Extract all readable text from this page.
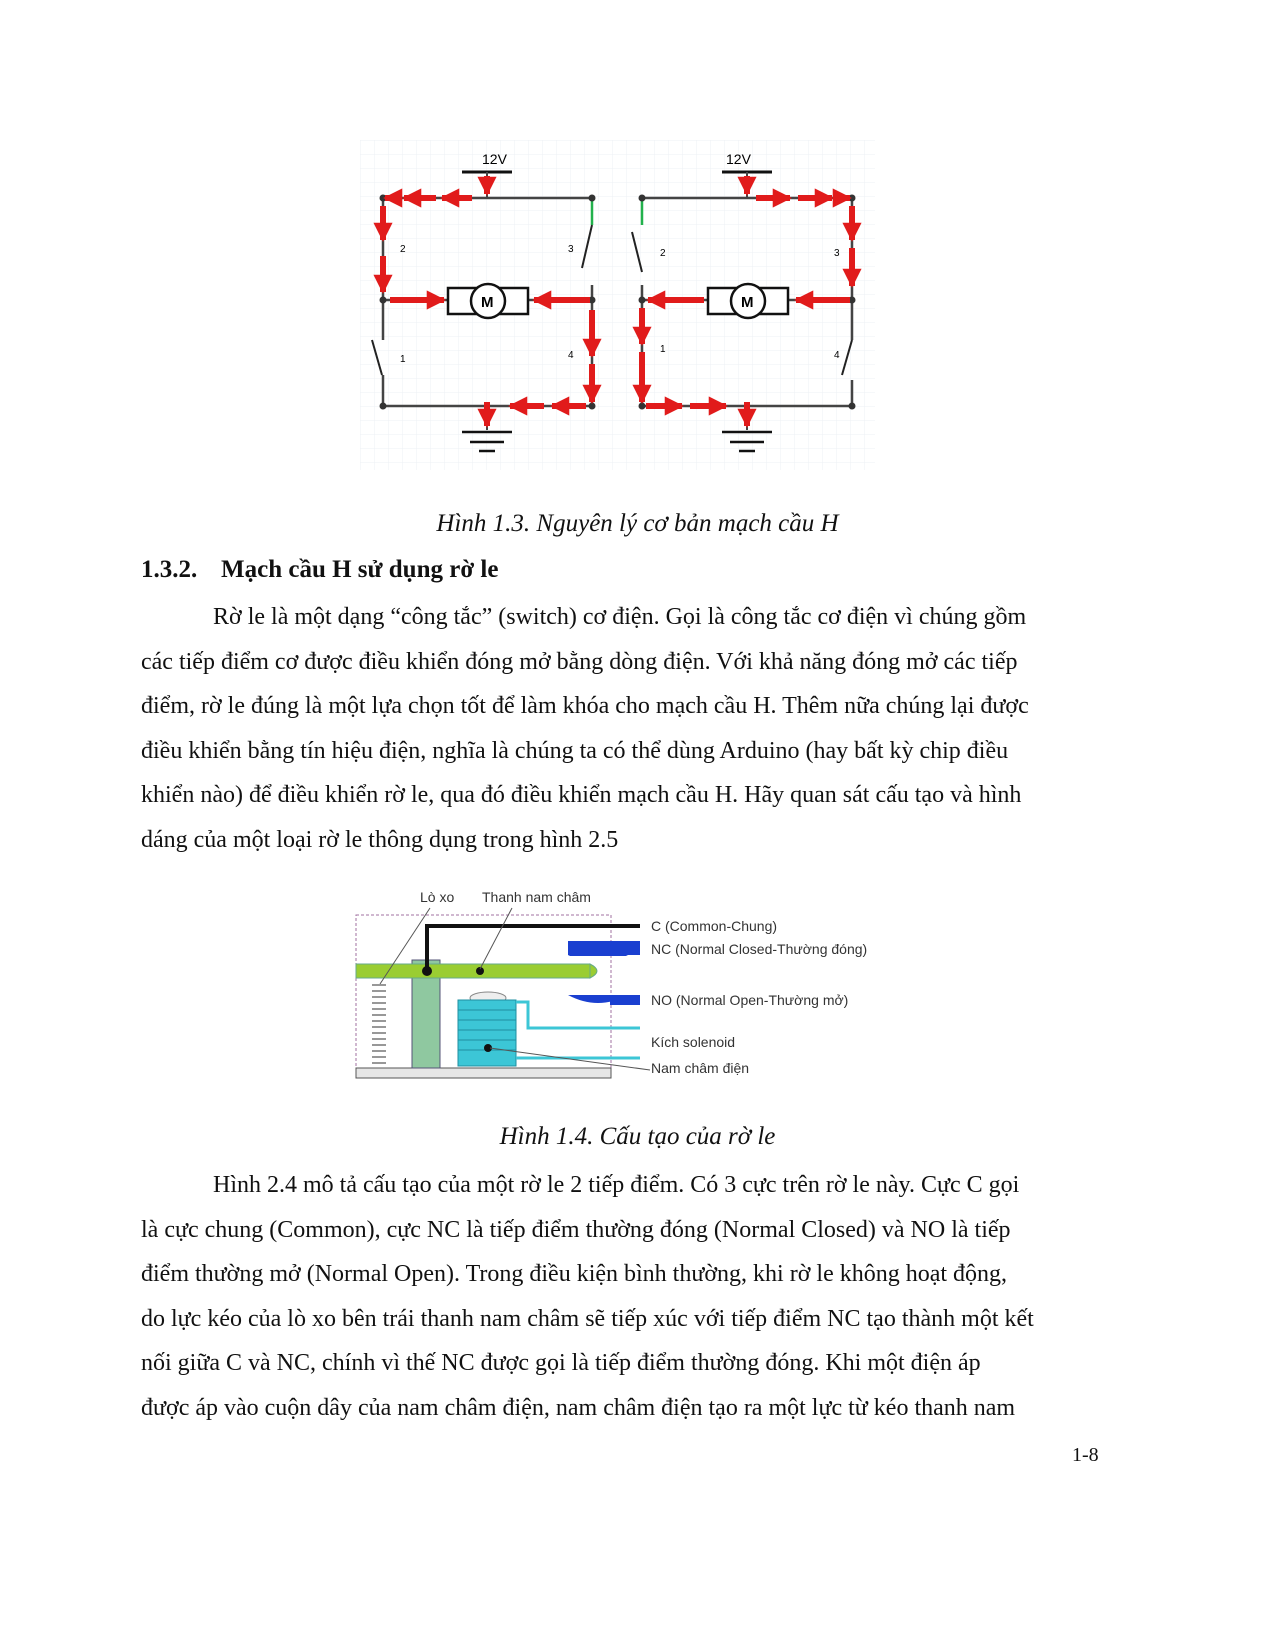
12V
M
2	3
1	4
12V
M
2	3
1
4
Hình 1.3. Nguyên lý cơ bản mạch cầu H
1.3.2. Mạch cầu H sử dụng rờ le

Rờ le là một dạng “công tắc” (switch) cơ điện. Gọi là công tắc cơ điện vì chúng gồm
các tiếp điểm cơ được điều khiển đóng mở bằng dòng điện. Với khả năng đóng mở các tiếp
điểm, rờ le đúng là một lựa chọn tốt để làm khóa cho mạch cầu H. Thêm nữa chúng lại được
điều khiển bằng tín hiệu điện, nghĩa là chúng ta có thể dùng Arduino (hay bất kỳ chip điều
khiển nào) để điều khiển rờ le, qua đó điều khiển mạch cầu H. Hãy quan sát cấu tạo và hình
dáng của một loại rờ le thông dụng trong hình 2.5

Lò xo Thanh nam châm
C (Common-Chung)
NC (Normal Closed-Thường đóng)
NO (Normal Open-Thường mở)
Kích solenoid
Nam châm điện
Hình 1.4. Cấu tạo của rờ le

Hình 2.4 mô tả cấu tạo của một rờ le 2 tiếp điểm. Có 3 cực trên rờ le này. Cực C gọi
là cực chung (Common), cực NC là tiếp điểm thường đóng (Normal Closed) và NO là tiếp
điểm thường mở (Normal Open). Trong điều kiện bình thường, khi rờ le không hoạt động,
do lực kéo của lò xo bên trái thanh nam châm sẽ tiếp xúc với tiếp điểm NC tạo thành một kết
nối giữa C và NC, chính vì thế NC được gọi là tiếp điểm thường đóng. Khi một điện áp
được áp vào cuộn dây của nam châm điện, nam châm điện tạo ra một lực từ kéo thanh nam

1-8
